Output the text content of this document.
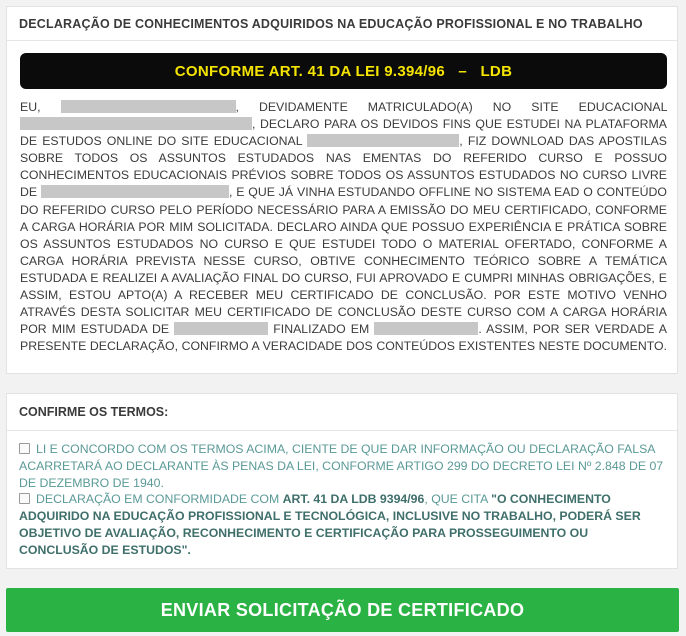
DECLARAÇÃO DE CONHECIMENTOS ADQUIRIDOS NA EDUCAÇÃO PROFISSIONAL E NO TRABALHO
CONFORME ART. 41 DA LEI 9.394/96   –   LDB

EU,	, DEVIDAMENTE MATRICULADO(A) NO SITE EDUCACIONAL , DECLARO PARA OS DEVIDOS FINS QUE ESTUDEI NA PLATAFORMA DE ESTUDOS ONLINE DO SITE EDUCACIONAL	, FIZ DOWNLOAD DAS APOSTILAS SOBRE TODOS OS ASSUNTOS ESTUDADOS NAS EMENTAS DO REFERIDO CURSO E POSSUO CONHECIMENTOS EDUCACIONAIS PRÉVIOS SOBRE TODOS OS ASSUNTOS ESTUDADOS NO CURSO LIVRE DE	, E QUE JÁ VINHA ESTUDANDO OFFLINE NO SISTEMA EAD O CONTEÚDO DO REFERIDO CURSO PELO PERÍODO NECESSÁRIO PARA A EMISSÃO DO MEU CERTIFICADO, CONFORME A CARGA HORÁRIA POR MIM SOLICITADA. DECLARO AINDA QUE POSSUO EXPERIÊNCIA E PRÁTICA SOBRE OS ASSUNTOS ESTUDADOS NO CURSO E QUE ESTUDEI TODO O MATERIAL OFERTADO, CONFORME A CARGA HORÁRIA PREVISTA NESSE CURSO, OBTIVE CONHECIMENTO TEÓRICO SOBRE A TEMÁTICA ESTUDADA E REALIZEI A AVALIAÇÃO FINAL DO CURSO, FUI APROVADO E CUMPRI MINHAS OBRIGAÇÕES, E ASSIM, ESTOU APTO(A) A RECEBER MEU CERTIFICADO DE CONCLUSÃO. POR ESTE MOTIVO VENHO ATRAVÉS DESTA SOLICITAR MEU CERTIFICADO DE CONCLUSÃO DESTE CURSO COM A CARGA HORÁRIA POR MIM ESTUDADA DE	FINALIZADO EM	. ASSIM, POR SER VERDADE A PRESENTE DECLARAÇÃO, CONFIRMO A VERACIDADE DOS CONTEÚDOS EXISTENTES NESTE DOCUMENTO.

CONFIRME OS TERMOS:
LI E CONCORDO COM OS TERMOS ACIMA, CIENTE DE QUE DAR INFORMAÇÃO OU DECLARAÇÃO FALSA ACARRETARÁ AO DECLARANTE ÀS PENAS DA LEI, CONFORME ARTIGO 299 DO DECRETO LEI Nº 2.848 DE 07 DE DEZEMBRO DE 1940.
DECLARAÇÃO EM CONFORMIDADE COM ART. 41 DA LDB 9394/96, QUE CITA "O CONHECIMENTO ADQUIRIDO NA EDUCAÇÃO PROFISSIONAL E TECNOLÓGICA, INCLUSIVE NO TRABALHO, PODERÁ SER OBJETIVO DE AVALIAÇÃO, RECONHECIMENTO E CERTIFICAÇÃO PARA PROSSEGUIMENTO OU CONCLUSÃO DE ESTUDOS".
ENVIAR SOLICITAÇÃO DE CERTIFICADO
